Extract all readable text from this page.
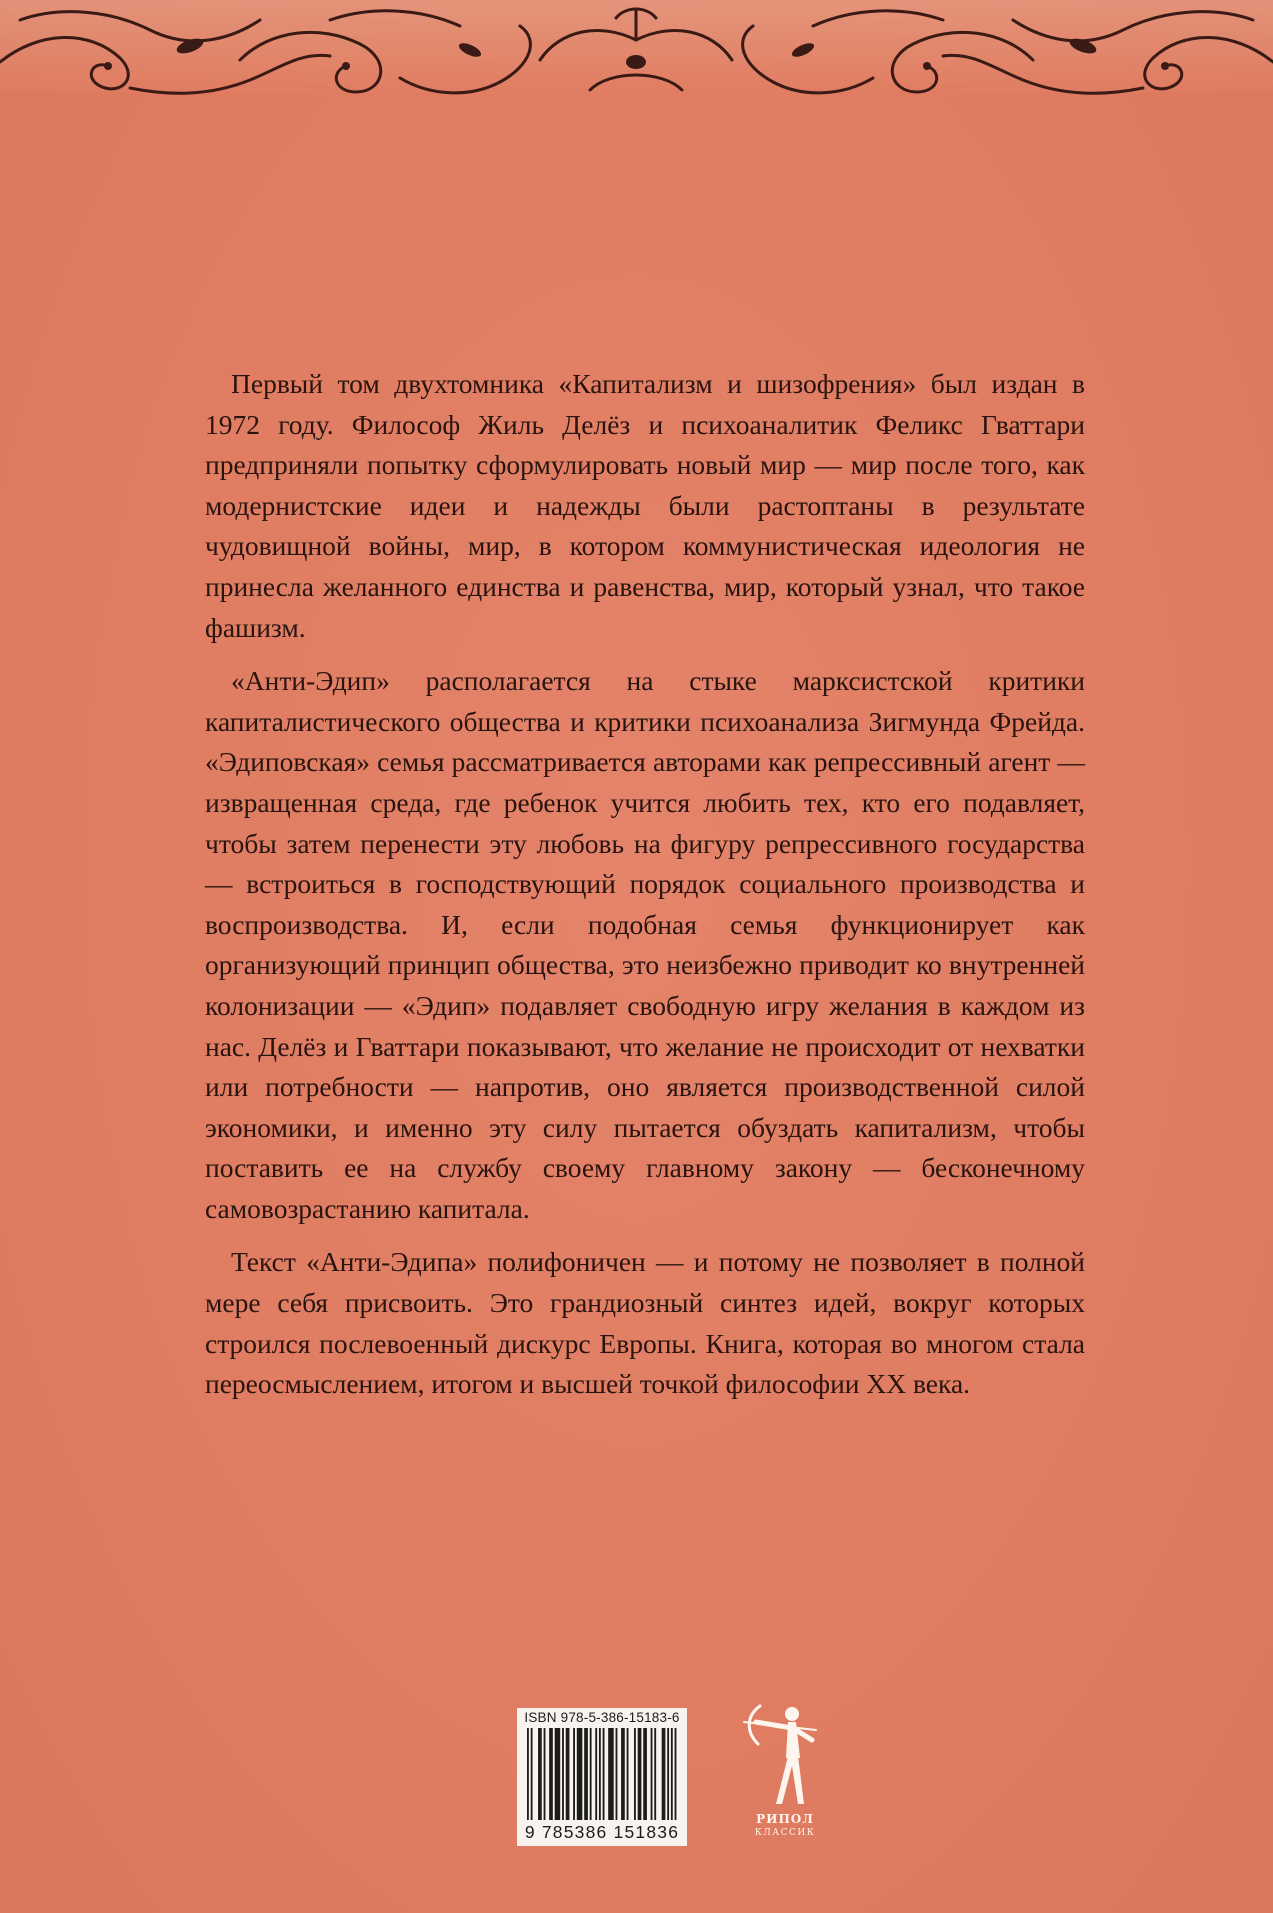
Первый том двухтомника «Капитализм и шизофрения» был издан в 1972 году. Философ Жиль Делёз и психоаналитик Феликс Гваттари предприняли попытку сформулировать новый мир — мир после того, как модернистские идеи и надежды были растоптаны в результате чудовищной войны, мир, в котором коммунистическая идеология не принесла желанного единства и равенства, мир, который узнал, что такое фашизм.

«Анти-Эдип» располагается на стыке марксистской критики капиталистического общества и критики психоанализа Зигмунда Фрейда. «Эдиповская» семья рассматривается авторами как репрессивный агент — извращенная среда, где ребенок учится любить тех, кто его подавляет, чтобы затем перенести эту любовь на фигуру репрессивного государства — встроиться в господствующий порядок социального производства и воспроизводства. И, если подобная семья функционирует как организующий принцип общества, это неизбежно приводит ко внутренней колонизации — «Эдип» подавляет свободную игру желания в каждом из нас. Делёз и Гваттари показывают, что желание не происходит от нехватки или потребности — напротив, оно является производственной силой экономики, и именно эту силу пытается обуздать капитализм, чтобы поставить ее на службу своему главному закону — бесконечному самовозрастанию капитала.

Текст «Анти-Эдипа» полифоничен — и потому не позволяет в полной мере себя присвоить. Это грандиозный синтез идей, вокруг которых строился послевоенный дискурс Европы. Книга, которая во многом стала переосмыслением, итогом и высшей точкой философии XX века.

ISBN 978-5-386-15183-6
9 785386 151836
РИПОЛ
КЛАССИК
